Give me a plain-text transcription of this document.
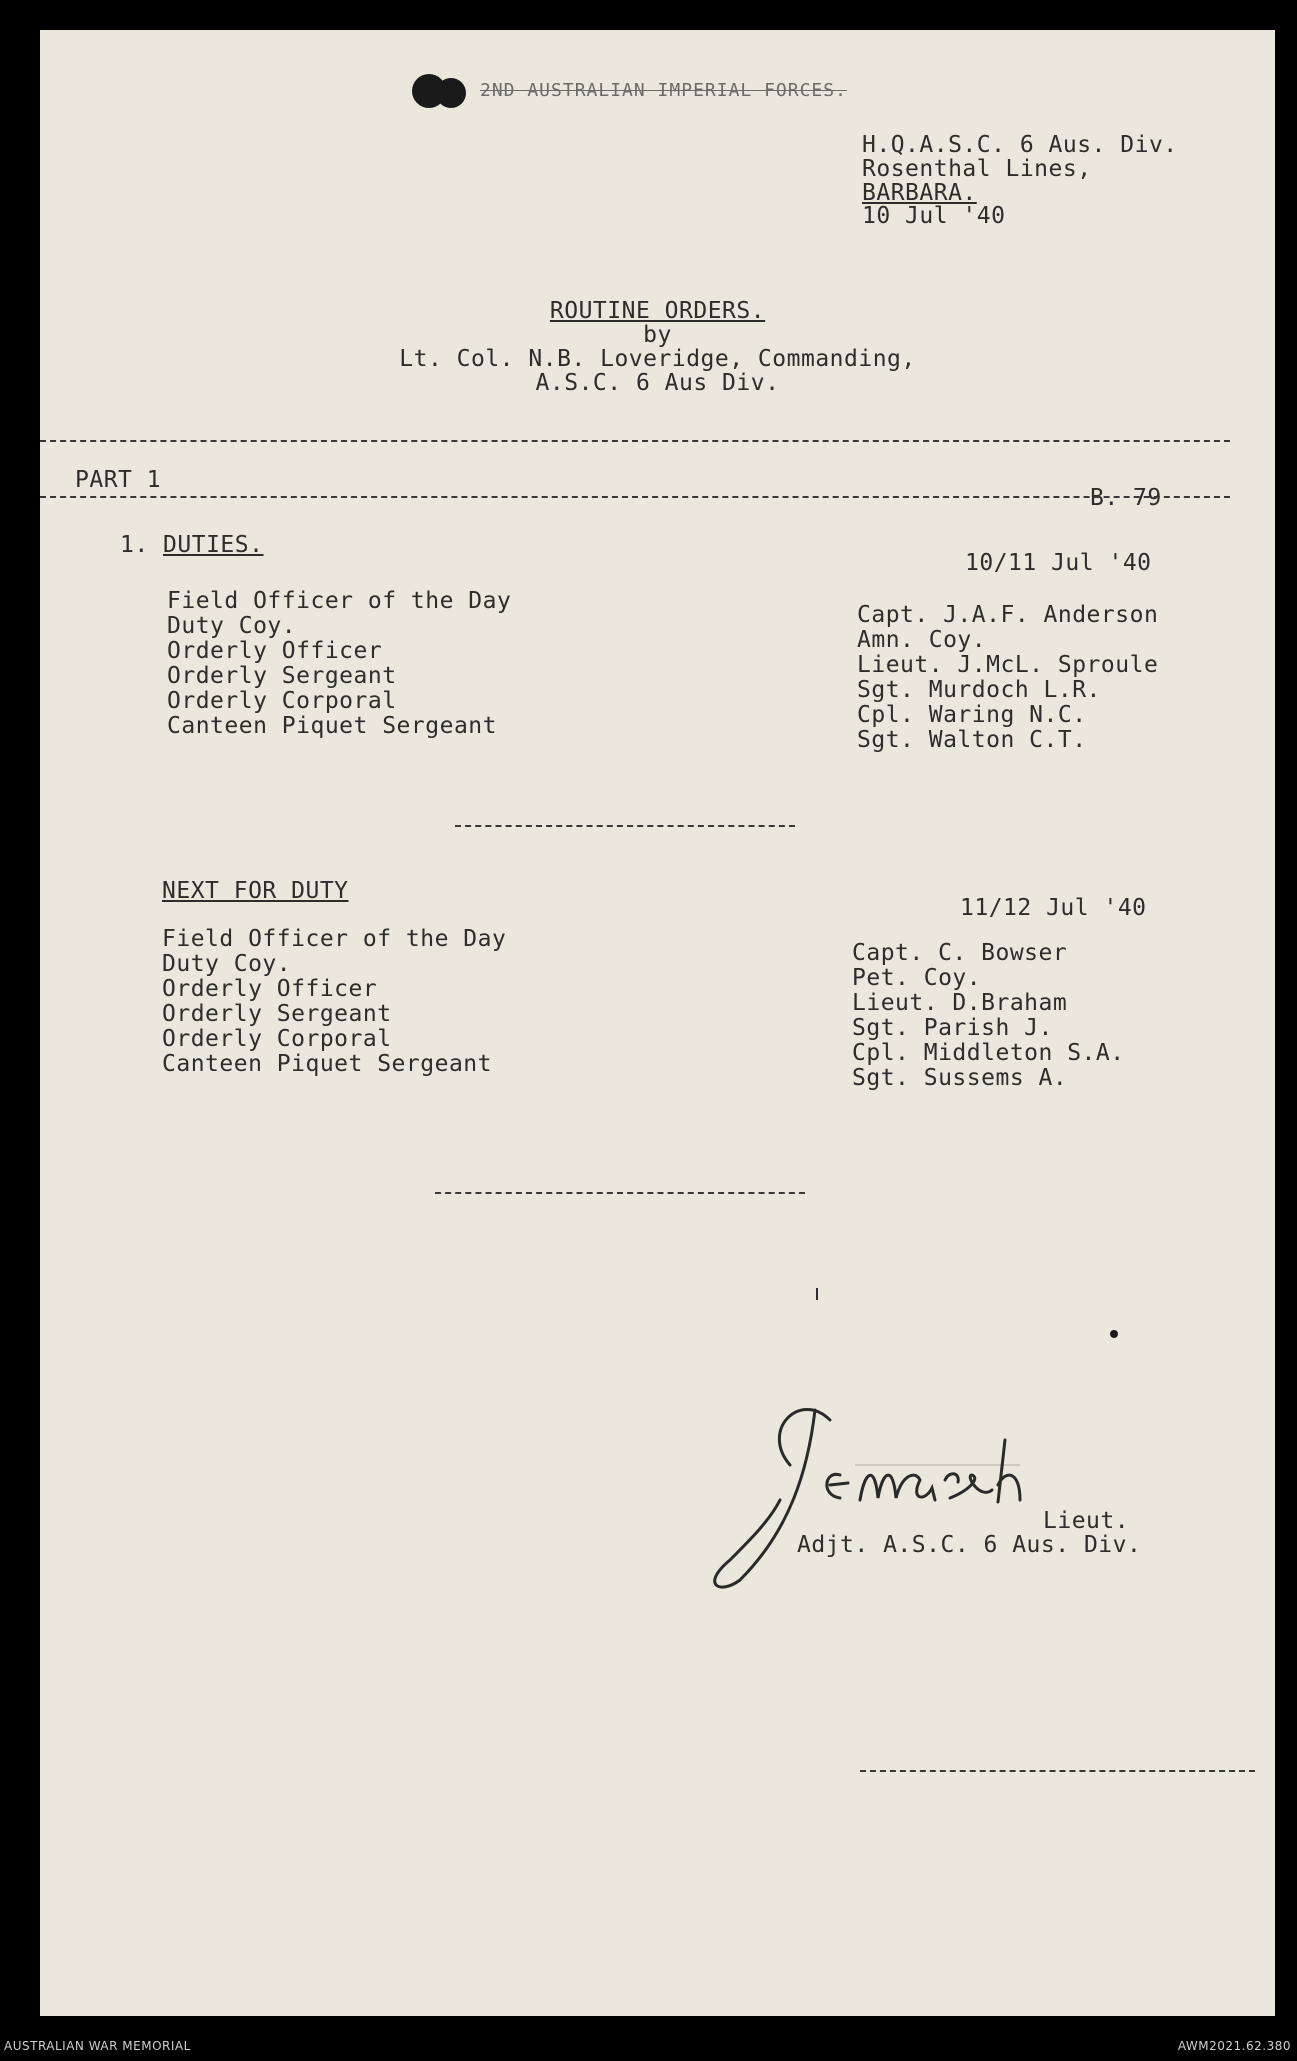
2ND AUSTRALIAN IMPERIAL FORCES.
H.Q.A.S.C. 6 Aus. Div.
Rosenthal Lines,
BARBARA.
10 Jul '40
ROUTINE ORDERS.
by
Lt. Col. N.B. Loveridge, Commanding,
A.S.C. 6 Aus Div.
PART 1
B. 79
1. DUTIES.
10/11 Jul '40
Field Officer of the Day
Duty Coy.
Orderly Officer
Orderly Sergeant
Orderly Corporal
Canteen Piquet Sergeant
Capt. J.A.F. Anderson
Amn. Coy.
Lieut. J.McL. Sproule
Sgt. Murdoch L.R.
Cpl. Waring N.C.
Sgt. Walton C.T.
NEXT FOR DUTY
11/12 Jul '40
Field Officer of the Day
Duty Coy.
Orderly Officer
Orderly Sergeant
Orderly Corporal
Canteen Piquet Sergeant
Capt. C. Bowser
Pet. Coy.
Lieut. D.Braham
Sgt. Parish J.
Cpl. Middleton S.A.
Sgt. Sussems A.
Lieut.
Adjt. A.S.C. 6 Aus. Div.
AUSTRALIAN WAR MEMORIAL	AWM2021.62.380
